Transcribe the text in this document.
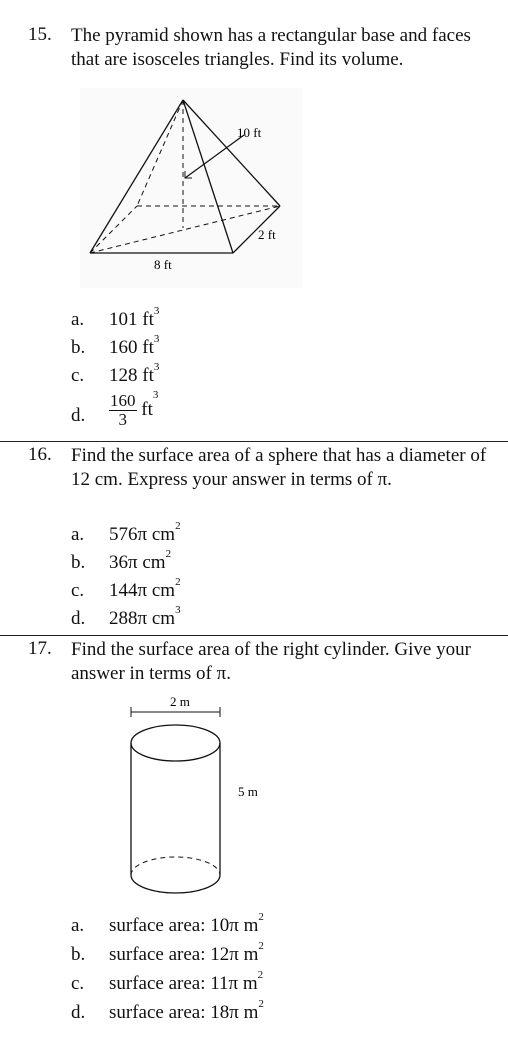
15. The pyramid shown has a rectangular base and faces that are isosceles triangles. Find its volume.
10 ft
2 ft
8 ft
a.	101 $ft^3$
b.	160 $ft^3$
c.	128 $ft^3$
d.	$\frac{160}{3} ft^3$
16. Find the surface area of a sphere that has a diameter of 12 cm. Express your answer in terms of π.
a.	576π $cm^2$
b.	36π $cm^2$
c.	144π $cm^2$
d.	288π $cm^3$
17. Find the surface area of the right cylinder. Give your answer in terms of π.
2 m
5 m
a.	surface area: 10π $m^2$
b.	surface area: 12π $m^2$
c.	surface area: 11π $m^2$
d.	surface area: 18π $m^2$
